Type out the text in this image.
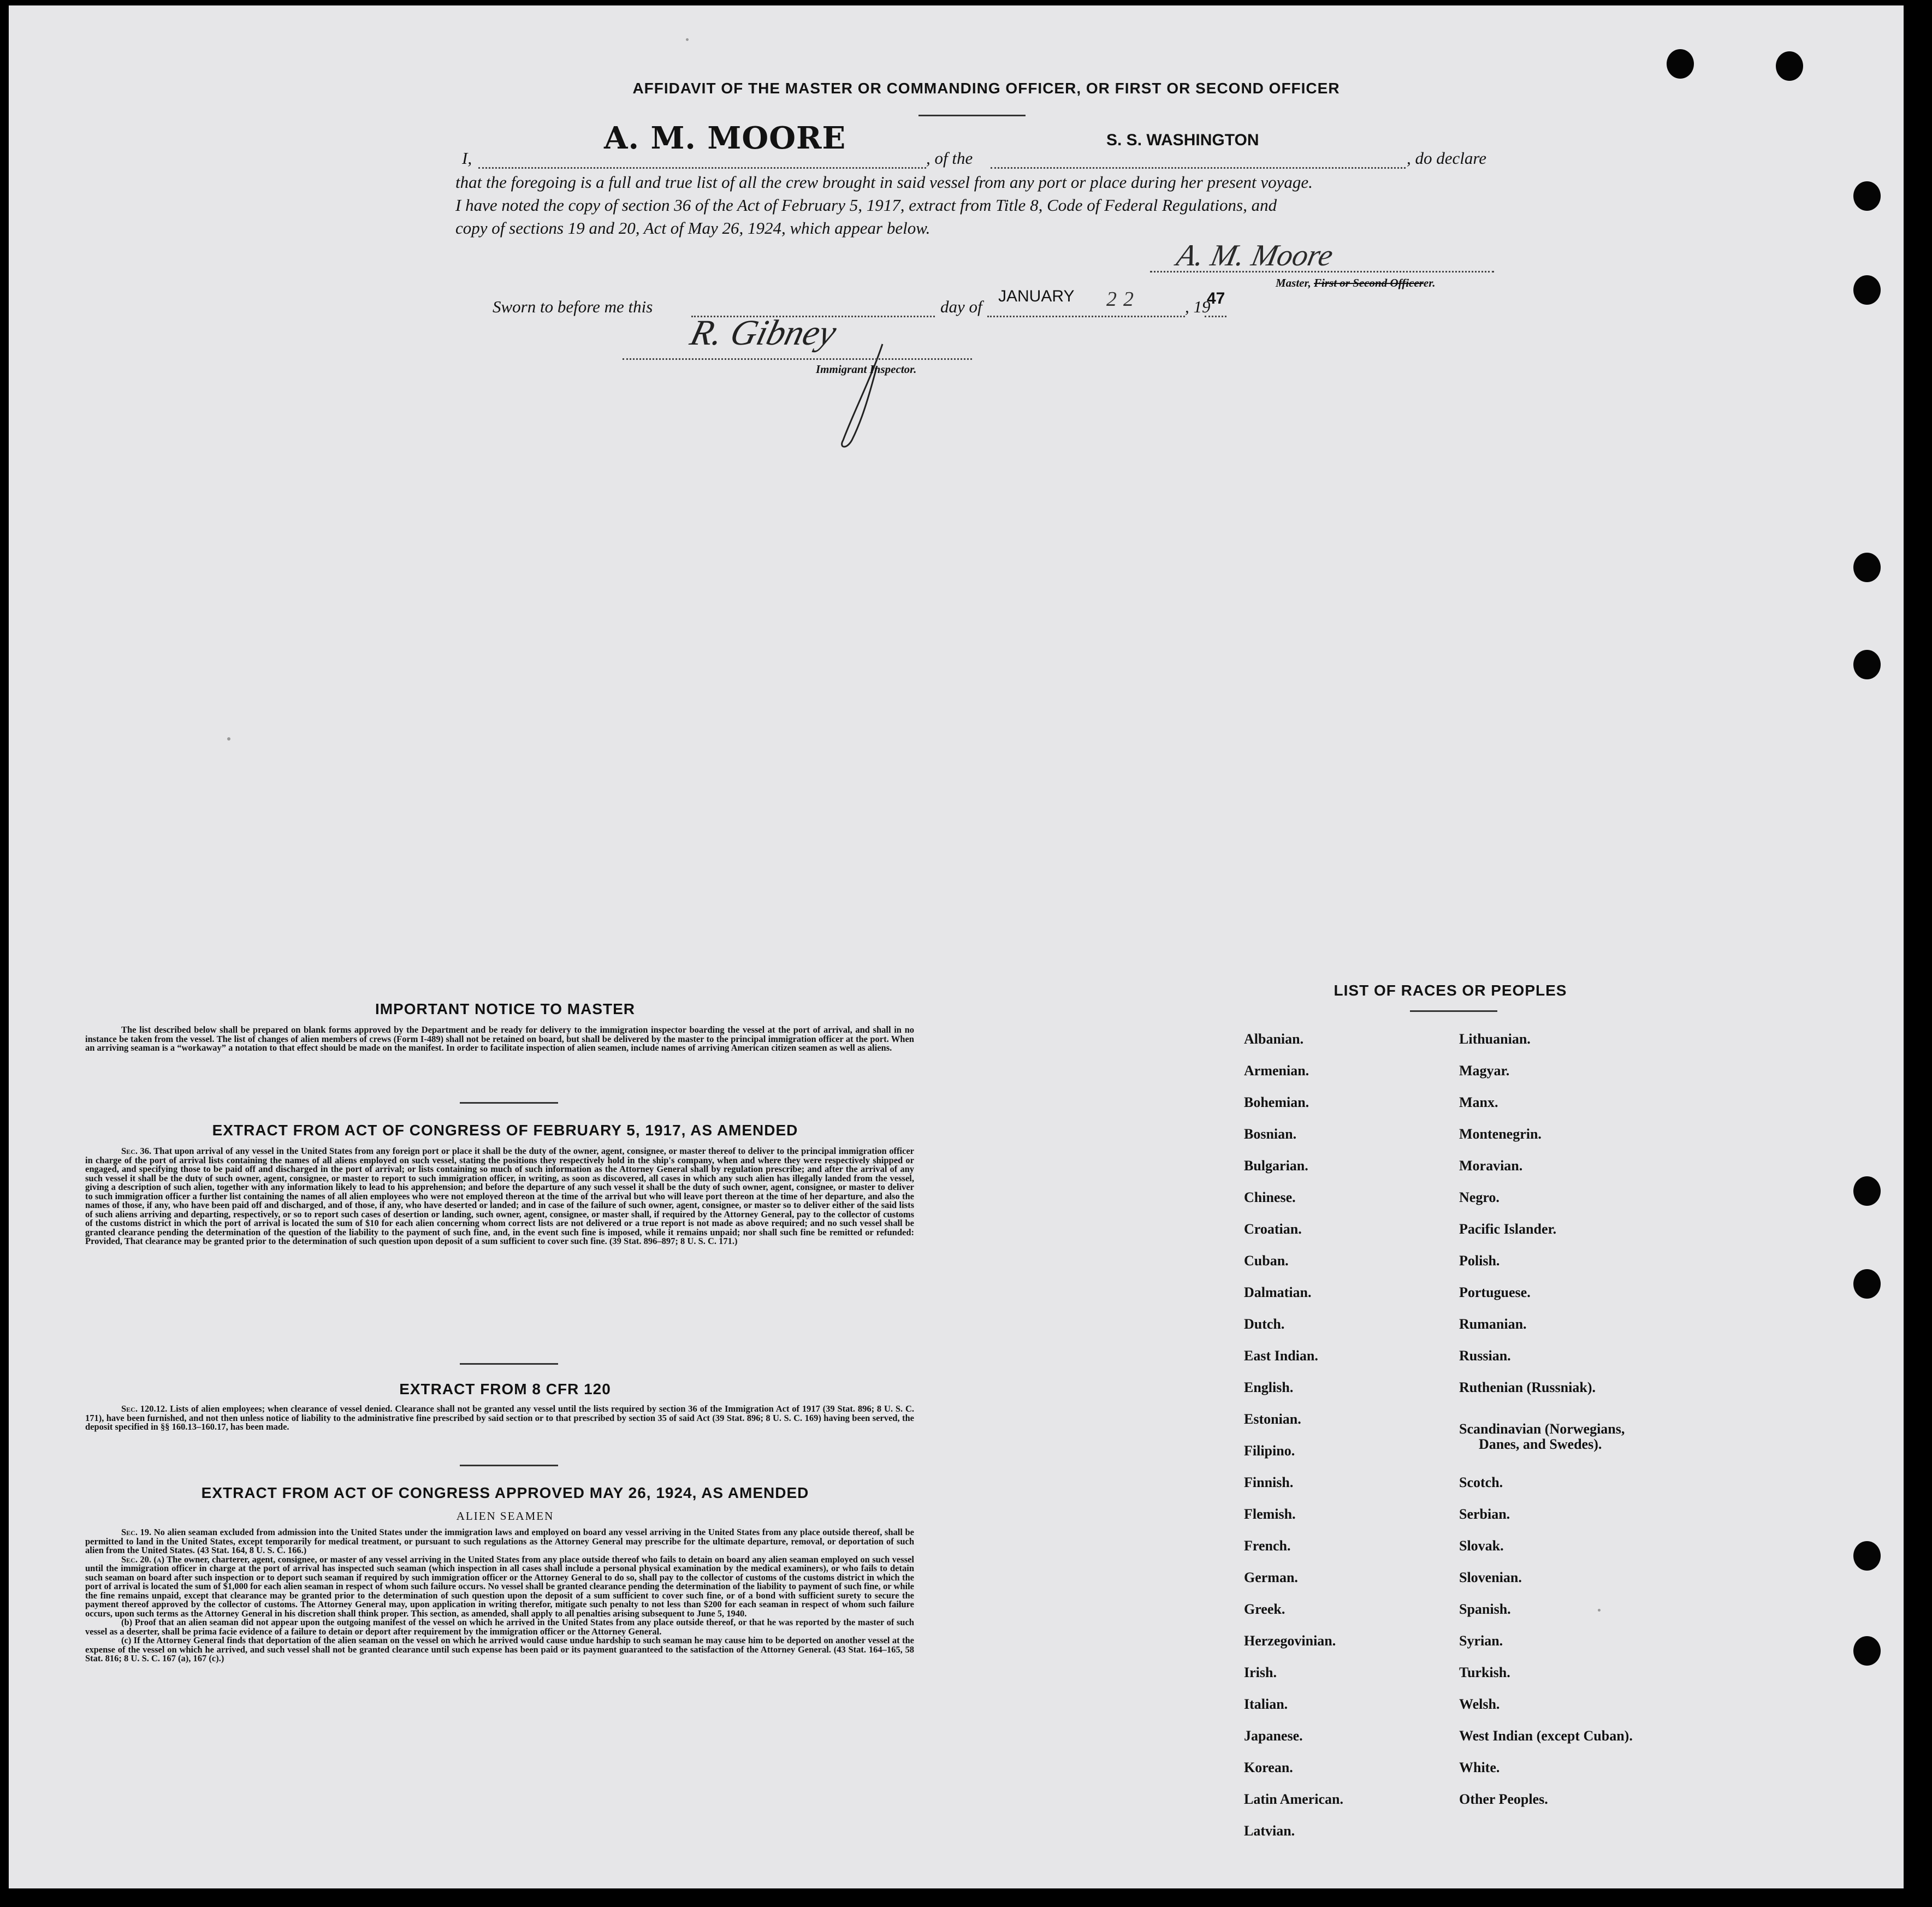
AFFIDAVIT OF THE MASTER OR COMMANDING OFFICER, OR FIRST OR SECOND OFFICER
I,
A. M. MOORE
, of the
S. S. WASHINGTON
, do declare
that the foregoing is a full and true list of all the crew brought in said vessel from any port or place during her present voyage.
I have noted the copy of section 36 of the Act of February 5, 1917, extract from Title 8, Code of Federal Regulations, and
copy of sections 19 and 20, Act of May 26, 1924, which appear below.
A. M. Moore
Master, First or Second Officerer.
Sworn to before me this	day of
JANUARY 22	, 19
47
R. Gibney
Immigrant Inspector.
IMPORTANT NOTICE TO MASTER
The list described below shall be prepared on blank forms approved by the Department and be ready for delivery to the immigration inspector boarding the vessel at the port of arrival, and shall in no instance be taken from the vessel. The list of changes of alien members of crews (Form I-489) shall not be retained on board, but shall be delivered by the master to the principal immigration officer at the port. When an arriving seaman is a “workaway” a notation to that effect should be made on the manifest. In order to facilitate inspection of alien seamen, include names of arriving American citizen seamen as well as aliens.
EXTRACT FROM ACT OF CONGRESS OF FEBRUARY 5, 1917, AS AMENDED
Sec. 36. That upon arrival of any vessel in the United States from any foreign port or place it shall be the duty of the owner, agent, consignee, or master thereof to deliver to the principal immigration officer in charge of the port of arrival lists containing the names of all aliens employed on such vessel, stating the positions they respectively hold in the ship's company, when and where they were respectively shipped or engaged, and specifying those to be paid off and discharged in the port of arrival; or lists containing so much of such information as the Attorney General shall by regulation prescribe; and after the arrival of any such vessel it shall be the duty of such owner, agent, consignee, or master to report to such immigration officer, in writing, as soon as discovered, all cases in which any such alien has illegally landed from the vessel, giving a description of such alien, together with any information likely to lead to his apprehension; and before the departure of any such vessel it shall be the duty of such owner, agent, consignee, or master to deliver to such immigration officer a further list containing the names of all alien employees who were not employed thereon at the time of the arrival but who will leave port thereon at the time of her departure, and also the names of those, if any, who have been paid off and discharged, and of those, if any, who have deserted or landed; and in case of the failure of such owner, agent, consignee, or master so to deliver either of the said lists of such aliens arriving and departing, respectively, or so to report such cases of desertion or landing, such owner, agent, consignee, or master shall, if required by the Attorney General, pay to the collector of customs of the customs district in which the port of arrival is located the sum of $10 for each alien concerning whom correct lists are not delivered or a true report is not made as above required; and no such vessel shall be granted clearance pending the determination of the question of the liability to the payment of such fine, and, in the event such fine is imposed, while it remains unpaid; nor shall such fine be remitted or refunded: Provided, That clearance may be granted prior to the determination of such question upon deposit of a sum sufficient to cover such fine. (39 Stat. 896–897; 8 U. S. C. 171.)
EXTRACT FROM 8 CFR 120
Sec. 120.12. Lists of alien employees; when clearance of vessel denied. Clearance shall not be granted any vessel until the lists required by section 36 of the Immigration Act of 1917 (39 Stat. 896; 8 U. S. C. 171), have been furnished, and not then unless notice of liability to the administrative fine prescribed by said section or to that prescribed by section 35 of said Act (39 Stat. 896; 8 U. S. C. 169) having been served, the deposit specified in §§ 160.13–160.17, has been made.
EXTRACT FROM ACT OF CONGRESS APPROVED MAY 26, 1924, AS AMENDED
ALIEN SEAMEN
Sec. 19. No alien seaman excluded from admission into the United States under the immigration laws and employed on board any vessel arriving in the United States from any place outside thereof, shall be permitted to land in the United States, except temporarily for medical treatment, or pursuant to such regulations as the Attorney General may prescribe for the ultimate departure, removal, or deportation of such alien from the United States. (43 Stat. 164, 8 U. S. C. 166.)
Sec. 20. (a) The owner, charterer, agent, consignee, or master of any vessel arriving in the United States from any place outside thereof who fails to detain on board any alien seaman employed on such vessel until the immigration officer in charge at the port of arrival has inspected such seaman (which inspection in all cases shall include a personal physical examination by the medical examiners), or who fails to detain such seaman on board after such inspection or to deport such seaman if required by such immigration officer or the Attorney General to do so, shall pay to the collector of customs of the customs district in which the port of arrival is located the sum of $1,000 for each alien seaman in respect of whom such failure occurs. No vessel shall be granted clearance pending the determination of the liability to payment of such fine, or while the fine remains unpaid, except that clearance may be granted prior to the determination of such question upon the deposit of a sum sufficient to cover such fine, or of a bond with sufficient surety to secure the payment thereof approved by the collector of customs. The Attorney General may, upon application in writing therefor, mitigate such penalty to not less than $200 for each seaman in respect of whom such failure occurs, upon such terms as the Attorney General in his discretion shall think proper. This section, as amended, shall apply to all penalties arising subsequent to June 5, 1940.
(b) Proof that an alien seaman did not appear upon the outgoing manifest of the vessel on which he arrived in the United States from any place outside thereof, or that he was reported by the master of such vessel as a deserter, shall be prima facie evidence of a failure to detain or deport after requirement by the immigration officer or the Attorney General.
(c) If the Attorney General finds that deportation of the alien seaman on the vessel on which he arrived would cause undue hardship to such seaman he may cause him to be deported on another vessel at the expense of the vessel on which he arrived, and such vessel shall not be granted clearance until such expense has been paid or its payment guaranteed to the satisfaction of the Attorney General. (43 Stat. 164–165, 58 Stat. 816; 8 U. S. C. 167 (a), 167 (c).)
LIST OF RACES OR PEOPLES
Albanian.
Armenian.
Bohemian.
Bosnian.
Bulgarian.
Chinese.
Croatian.
Cuban.
Dalmatian.
Dutch.
East Indian.
English.
Estonian.
Filipino.
Finnish.
Flemish.
French.
German.
Greek.
Herzegovinian.
Irish.
Italian.
Japanese.
Korean.
Latin American.
Latvian.
Lithuanian.
Magyar.
Manx.
Montenegrin.
Moravian.
Negro.
Pacific Islander.
Polish.
Portuguese.
Rumanian.
Russian.
Ruthenian (Russniak).
Scandinavian (Norwegians,
Danes, and Swedes).
Scotch.
Serbian.
Slovak.
Slovenian.
Spanish.
Syrian.
Turkish.
Welsh.
West Indian (except Cuban).
White.
Other Peoples.
